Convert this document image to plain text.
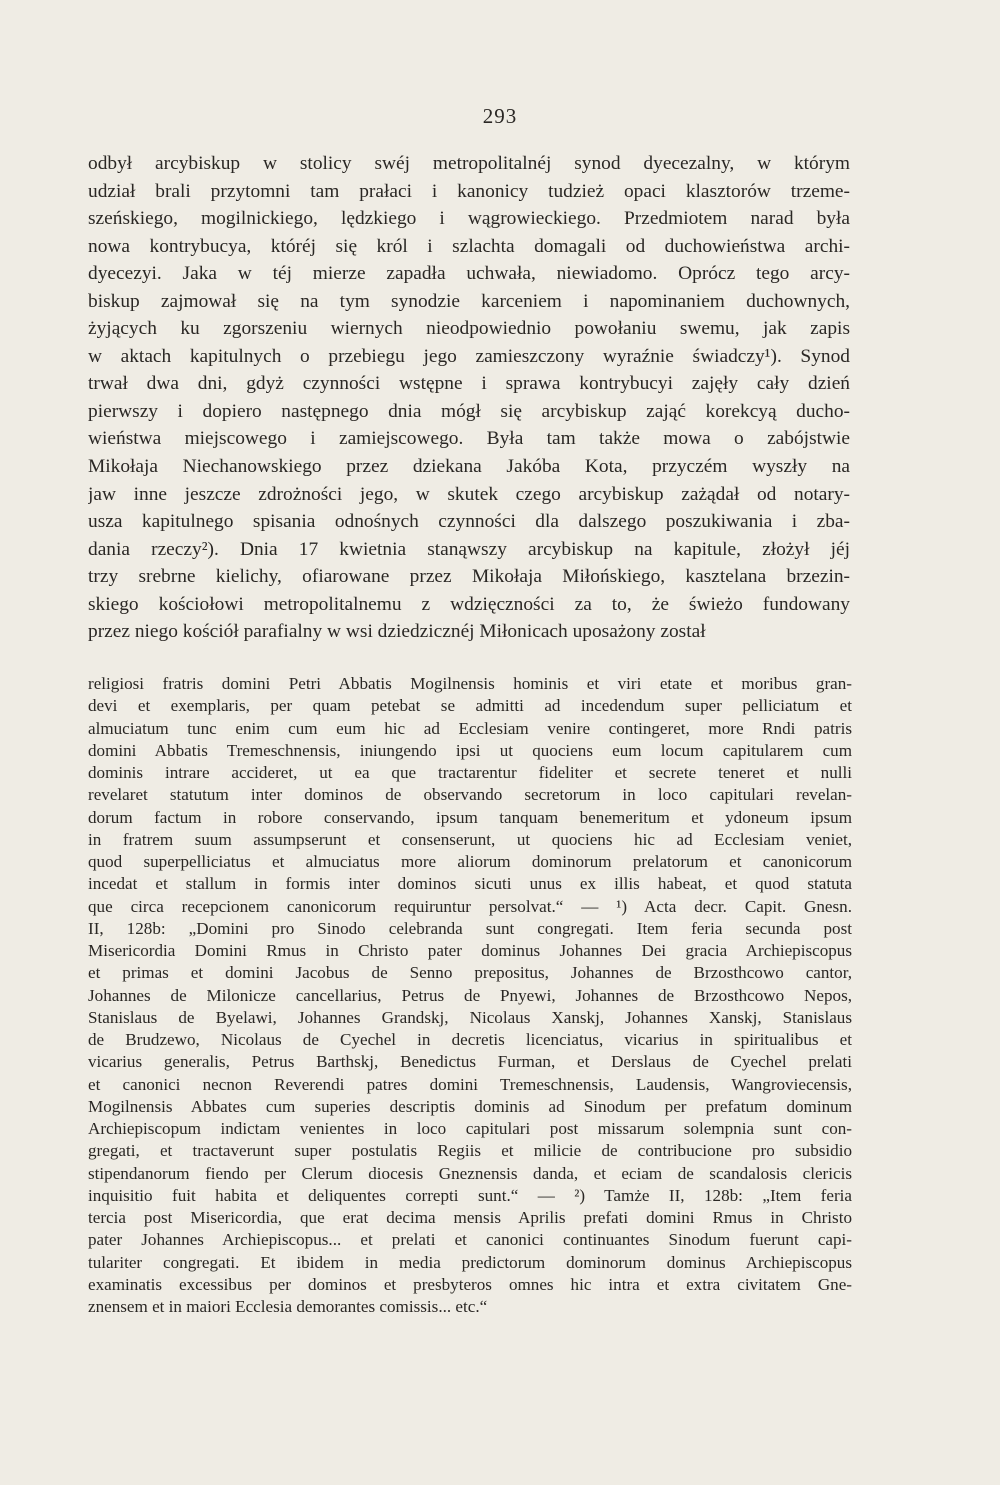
293
odbył arcybiskup w stolicy swéj metropolitalnéj synod dyecezalny, w którym
udział brali przytomni tam prałaci i kanonicy tudzież opaci klasztorów trzeme-
szeńskiego, mogilnickiego, lędzkiego i wągrowieckiego. Przedmiotem narad była
nowa kontrybucya, któréj się król i szlachta domagali od duchowieństwa archi-
dyecezyi. Jaka w téj mierze zapadła uchwała, niewiadomo. Oprócz tego arcy-
biskup zajmował się na tym synodzie karceniem i napominaniem duchownych,
żyjących ku zgorszeniu wiernych nieodpowiednio powołaniu swemu, jak zapis
w aktach kapitulnych o przebiegu jego zamieszczony wyraźnie świadczy¹). Synod
trwał dwa dni, gdyż czynności wstępne i sprawa kontrybucyi zajęły cały dzień
pierwszy i dopiero następnego dnia mógł się arcybiskup zająć korekcyą ducho-
wieństwa miejscowego i zamiejscowego. Była tam także mowa o zabójstwie
Mikołaja Niechanowskiego przez dziekana Jakóba Kota, przyczém wyszły na
jaw inne jeszcze zdrożności jego, w skutek czego arcybiskup zażądał od notary-
usza kapitulnego spisania odnośnych czynności dla dalszego poszukiwania i zba-
dania rzeczy²). Dnia 17 kwietnia stanąwszy arcybiskup na kapitule, złożył jéj
trzy srebrne kielichy, ofiarowane przez Mikołaja Miłońskiego, kasztelana brzezin-
skiego kościołowi metropolitalnemu z wdzięczności za to, że świeżo fundowany
przez niego kościół parafialny w wsi dziedzicznéj Miłonicach uposażony został
religiosi fratris domini Petri Abbatis Mogilnensis hominis et viri etate et moribus gran-
devi et exemplaris, per quam petebat se admitti ad incedendum super pelliciatum et
almuciatum tunc enim cum eum hic ad Ecclesiam venire contingeret, more Rndi patris
domini Abbatis Tremeschnensis, iniungendo ipsi ut quociens eum locum capitularem cum
dominis intrare accideret, ut ea que tractarentur fideliter et secrete teneret et nulli
revelaret statutum inter dominos de observando secretorum in loco capitulari revelan-
dorum factum in robore conservando, ipsum tanquam benemeritum et ydoneum ipsum
in fratrem suum assumpserunt et consenserunt, ut quociens hic ad Ecclesiam veniet,
quod superpelliciatus et almuciatus more aliorum dominorum prelatorum et canonicorum
incedat et stallum in formis inter dominos sicuti unus ex illis habeat, et quod statuta
que circa recepcionem canonicorum requiruntur persolvat.“ — ¹) Acta decr. Capit. Gnesn.
II, 128b: „Domini pro Sinodo celebranda sunt congregati. Item feria secunda post
Misericordia Domini Rmus in Christo pater dominus Johannes Dei gracia Archiepiscopus
et primas et domini Jacobus de Senno prepositus, Johannes de Brzosthcowo cantor,
Johannes de Milonicze cancellarius, Petrus de Pnyewi, Johannes de Brzosthcowo Nepos,
Stanislaus de Byelawi, Johannes Grandskj, Nicolaus Xanskj, Johannes Xanskj, Stanislaus
de Brudzewo, Nicolaus de Cyechel in decretis licenciatus, vicarius in spiritualibus et
vicarius generalis, Petrus Barthskj, Benedictus Furman, et Derslaus de Cyechel prelati
et canonici necnon Reverendi patres domini Tremeschnensis, Laudensis, Wangroviecensis,
Mogilnensis Abbates cum superies descriptis dominis ad Sinodum per prefatum dominum
Archiepiscopum indictam venientes in loco capitulari post missarum solempnia sunt con-
gregati, et tractaverunt super postulatis Regiis et milicie de contribucione pro subsidio
stipendanorum fiendo per Clerum diocesis Gneznensis danda, et eciam de scandalosis clericis
inquisitio fuit habita et deliquentes correpti sunt.“ — ²) Tamże II, 128b: „Item feria
tercia post Misericordia, que erat decima mensis Aprilis prefati domini Rmus in Christo
pater Johannes Archiepiscopus... et prelati et canonici continuantes Sinodum fuerunt capi-
tulariter congregati. Et ibidem in media predictorum dominorum dominus Archiepiscopus
examinatis excessibus per dominos et presbyteros omnes hic intra et extra civitatem Gne-
znensem et in maiori Ecclesia demorantes comissis... etc.“
